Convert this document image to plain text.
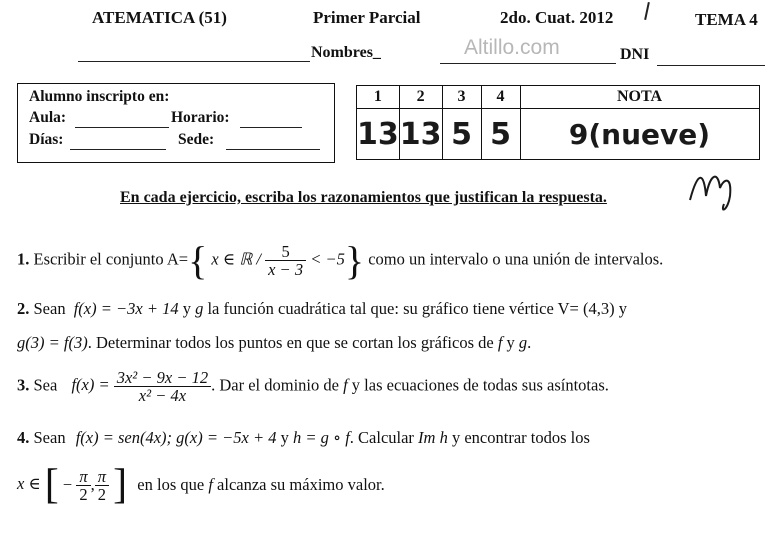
ATEMATICA (51)	Primer Parcial	2do. Cuat. 2012	TEMA 4
Nombres_	Altillo.com	DNI
Alumno inscripto en:
Aula:	Horario:
Días:	Sede:
1	2	3	4	NOTA
13	13	5	5	9(nueve)
En cada ejercicio, escriba los razonamientos que justifican la respuesta.
1. Escribir el conjunto A={ x ∈ ℝ / $\frac{5}{x - 3} < -5$} como un intervalo o una unión de intervalos.
2. Sean f(x) = −3x + 14 y g la función cuadrática tal que: su gráfico tiene vértice V= (4,3) y
g(3) = f(3). Determinar todos los puntos en que se cortan los gráficos de f y g.
3. Sea $f(x) = \frac{\text{3x² − 9x − 12}}{\text{x² − 4x}}$ . Dar el dominio de f y las ecuaciones de todas sus asíntotas.
4. Sean f(x) = sen(4x); g(x) = −5x + 4 y h = g ∘ f. Calcular Im h y encontrar todos los
x ∈ [ − $\frac{\pi}{2}$ , $\frac{\pi}{2}$ ] en los que f alcanza su máximo valor.
